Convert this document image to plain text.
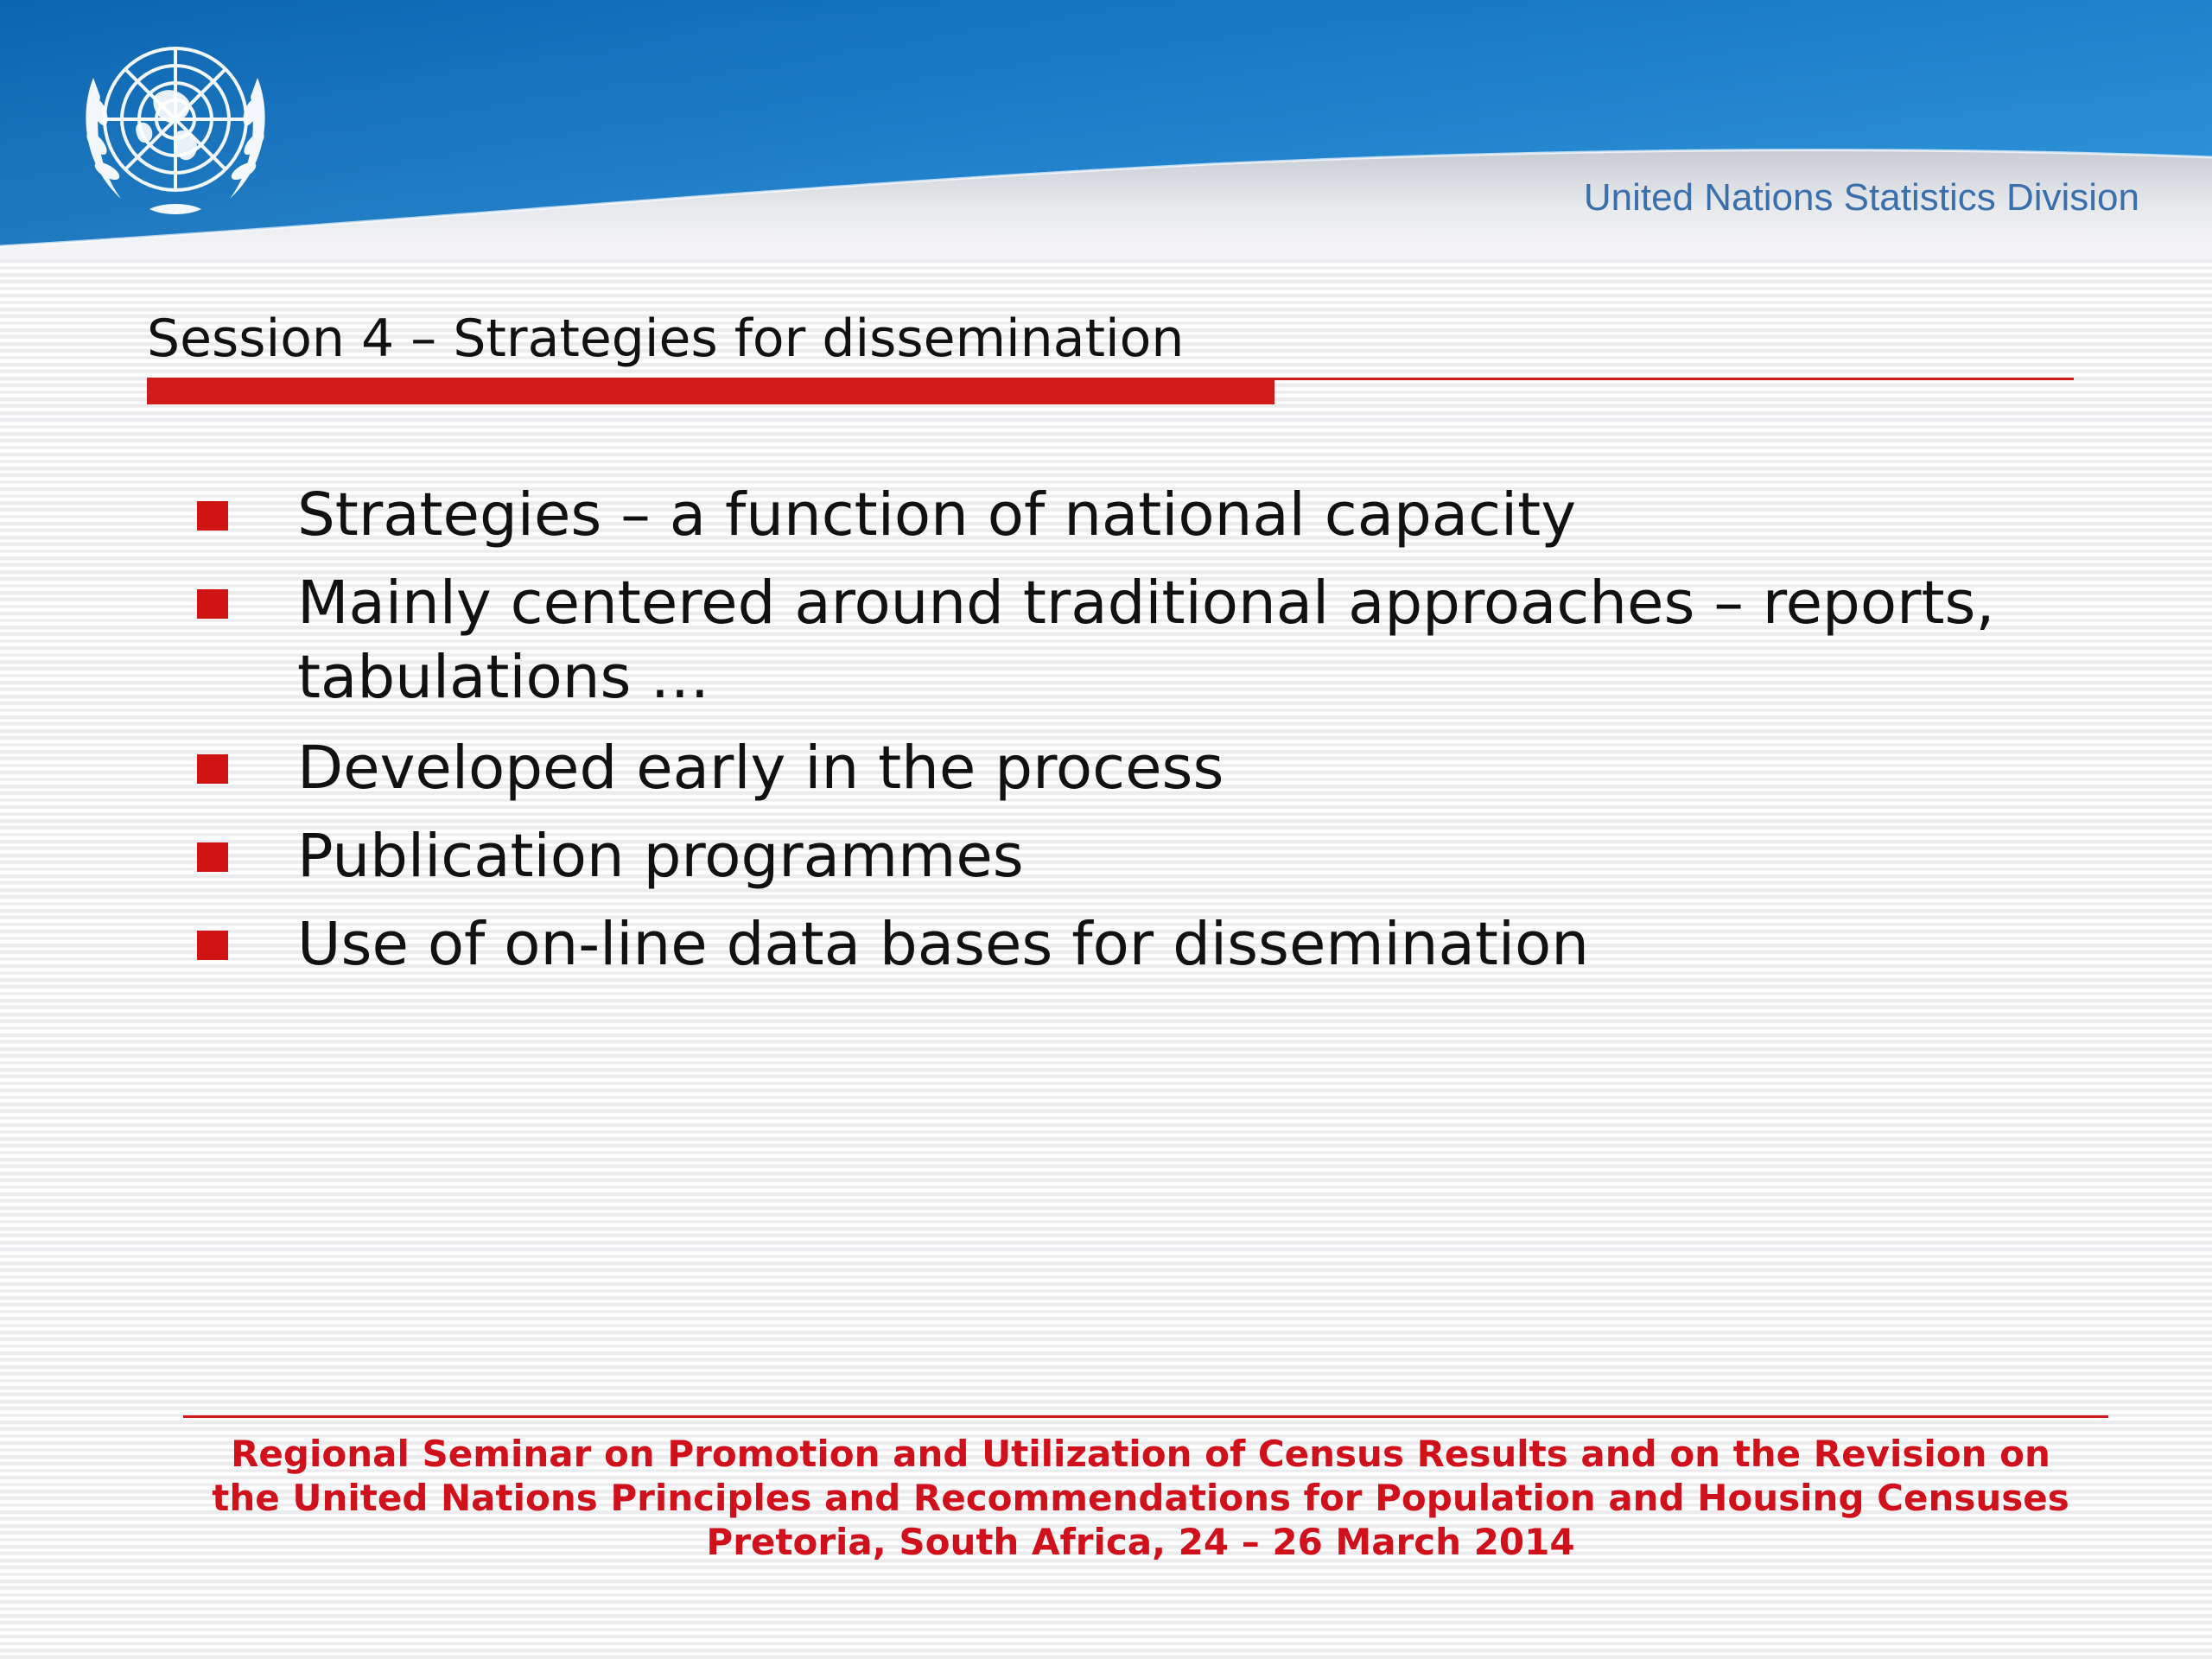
United Nations Statistics Division
Session 4 – Strategies for dissemination
Strategies – a function of national capacity
Mainly centered around traditional approaches – reports, tabulations …
Developed early in the process
Publication programmes
Use of on-line data bases for dissemination
Regional Seminar on Promotion and Utilization of Census Results and on the Revision on
the United Nations Principles and Recommendations for Population and Housing Censuses
Pretoria, South Africa, 24 – 26 March 2014
